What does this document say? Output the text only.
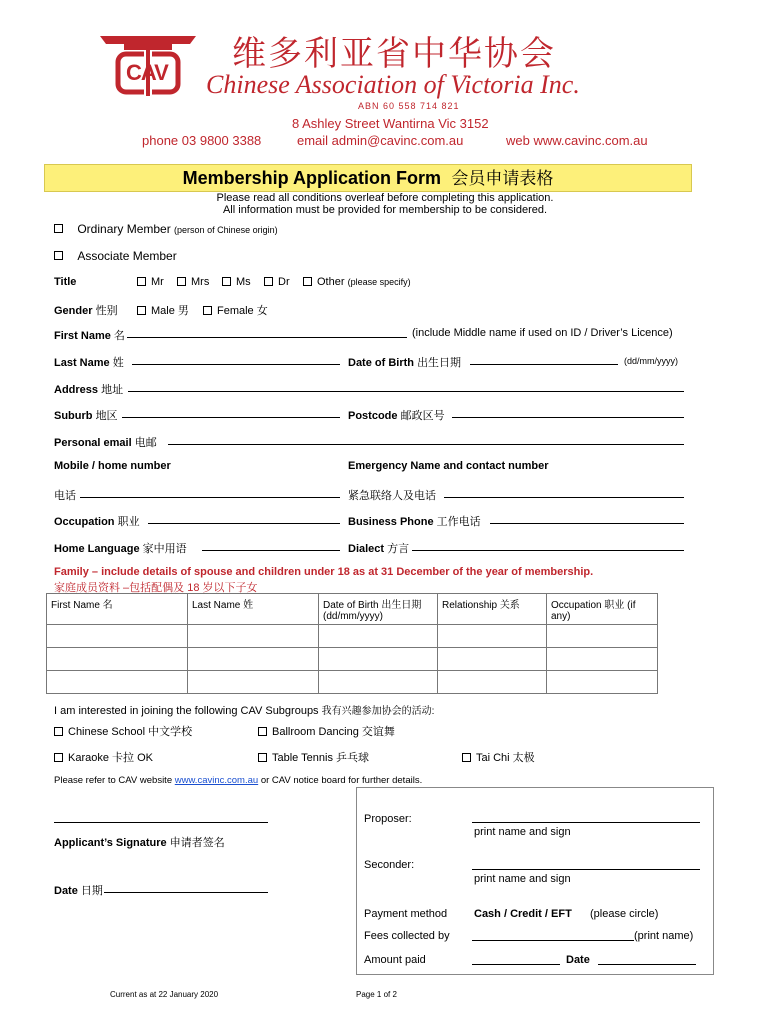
CAV 维多利亚省中华协会
Chinese Association of Victoria Inc.
ABN 60 558 714 821
8 Ashley Street Wantirna Vic 3152
phone 03 9800 3388	email admin@cavinc.com.au	web www.cavinc.com.au
Membership Application Form 会员申请表格
Please read all conditions overleaf before completing this application.
All information must be provided for membership to be considered.
Ordinary Member (person of Chinese origin)
Associate Member
Title	Mr	Mrs	Ms	Dr	Other (please specify)
Gender 性别	Male 男	Female 女
First Name 名	(include Middle name if used on ID / Driver’s Licence)
Last Name 姓	Date of Birth 出生日期	(dd/mm/yyyy)
Address 地址
Suburb 地区	Postcode 邮政区号
Personal email 电邮
Mobile / home number	Emergency Name and contact number
电话	紧急联络人及电话
Occupation 职业	Business Phone 工作电话
Home Language 家中用语	Dialect 方言
Family – include details of spouse and children under 18 as at 31 December of the year of membership.
家庭成员资料 –包括配偶及 18 岁以下子女
First Name 名	Last Name 姓	Date of Birth 出生日期 (dd/mm/yyyy)	Relationship 关系	Occupation 职业 (if any)

I am interested in joining the following CAV Subgroups 我有兴趣参加协会的活动:
Chinese School 中文学校	Ballroom Dancing 交谊舞
Karaoke 卡拉 OK	Table Tennis 乒乓球	Tai Chi 太极
Please refer to CAV website www.cavinc.com.au or CAV notice board for further details.
Applicant’s Signature 申请者签名
Date 日期
Proposer:
print name and sign
Seconder:
print name and sign
Payment method Cash / Credit / EFT (please circle)
Fees collected by	(print name)
Amount paid	Date
Current as at 22 January 2020	Page 1 of 2
